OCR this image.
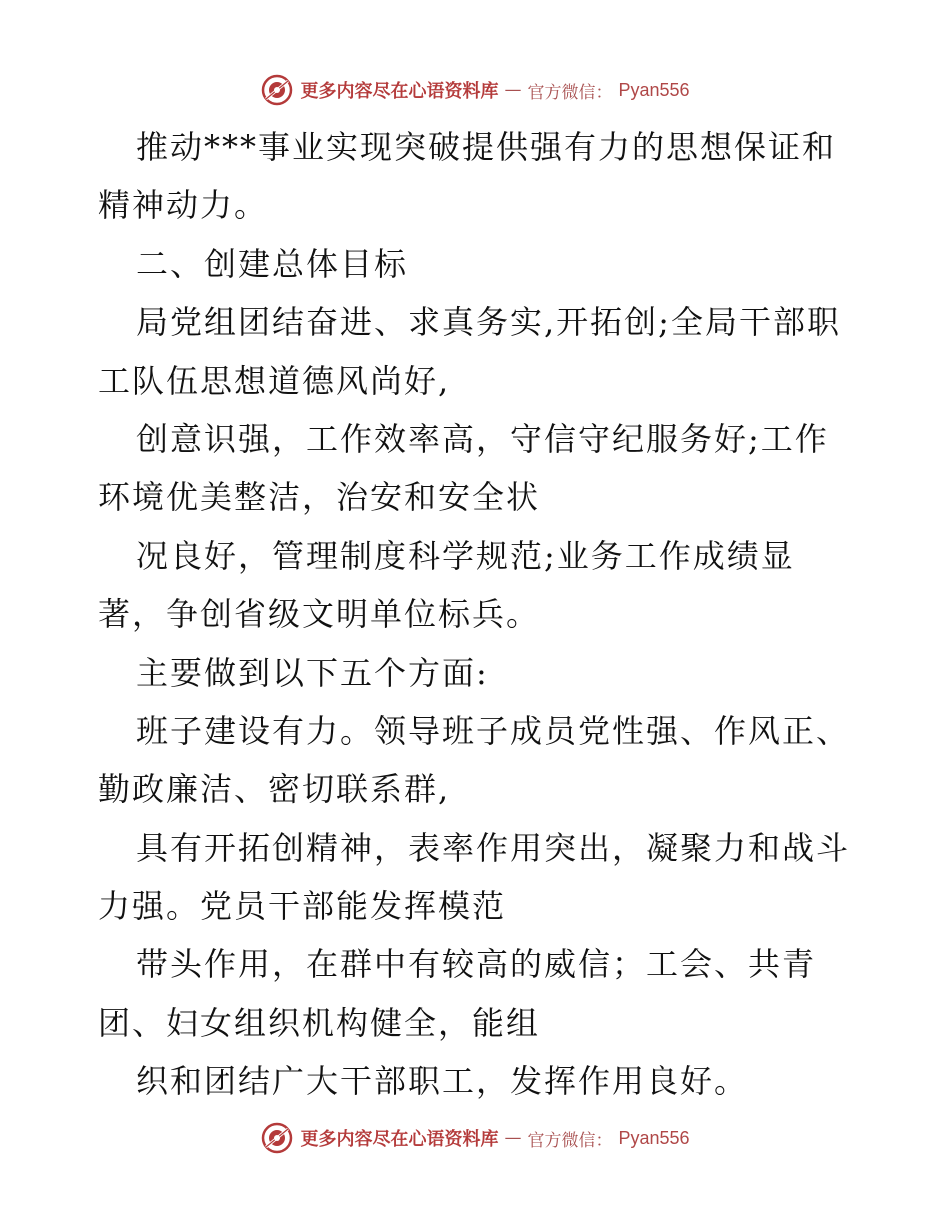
更多内容尽在心语资料库 — 官方微信： Pyan556
推动***事业实现突破提供强有力的思想保证和
精神动力。
二、创建总体目标
局党组团结奋进、求真务实,开拓创;全局干部职
工队伍思想道德风尚好,
创意识强，工作效率高，守信守纪服务好;工作
环境优美整洁，治安和安全状
况良好，管理制度科学规范;业务工作成绩显
著，争创省级文明单位标兵。
主要做到以下五个方面:
班子建设有力。领导班子成员党性强、作风正、
勤政廉洁、密切联系群,
具有开拓创精神，表率作用突出，凝聚力和战斗
力强。党员干部能发挥模范
带头作用，在群中有较高的威信；工会、共青
团、妇女组织机构健全，能组
织和团结广大干部职工，发挥作用良好。
更多内容尽在心语资料库 — 官方微信： Pyan556
